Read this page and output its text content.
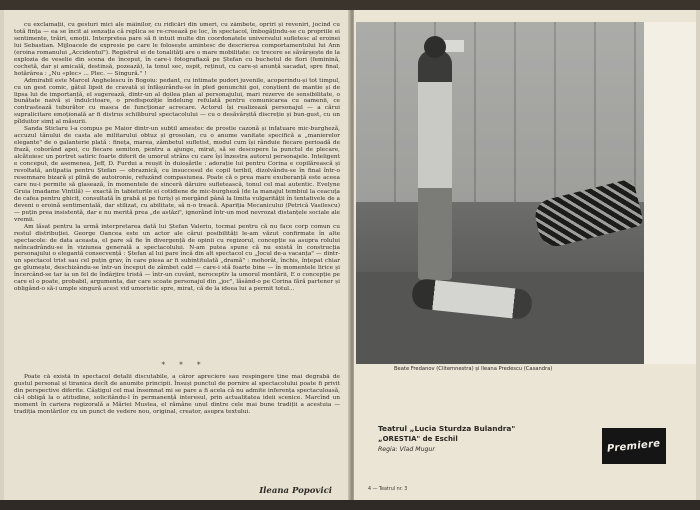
cu exclamații, cu gesturi mici ale mâinilor, cu ridicări din umeri, cu zâmbete, opriri și reveniri, jocind cu totă fința — ea se încit ai senzația că replica se re-creează pe loc, în spectacol, îmbogățindu-se cu propriile ei sentimente, trăiri, emoții. Interpretea pare să fi intuit multe din coordonatele universului sufletesc al eroinei lui Sebastian. Mijloacele de expresie pe care le folosește amintesc de descrierea comportamentului lui Ann (eroina romanului „Accidentul"). Registrul ei de tonalități are o mare mobilitate: ce trecere se săvârșește de la explozia de veselie din scena de început, în care-i fotografiază pe Ștefan cu buchetul de flori (feminină, cochetă, dar și amicală, destinsă, pozează), la tonul sec, ospit, reținut, cu care-și anunță sacadat, spre final, hotărârea : „Nu «plec» ... Plec. — Singură." !

Admirabil este Marcel Anghelescu în Bogoiu: pedant, cu intimate pudori juvenile, acoperindu-și tot timpul, cu un gest comic, gâtul lipsit de cravată și înfășurându-se în pled genunchii goi, conștient de mantie și de lipsa lui de importanță, el sugerează, dintr-un al doilea plan al personajului, mari rezerve de sensibilitate, o bunătate naivă și îndulcitoare, o predispoziție îndelung refulată pentru comunicarea cu oamenii, ce contrastează tuburător cu masca de funcționar acrecare. Actorul își realizează personajul — a cărui supralicitare emoțională ar fi distrus schiliburul spectacolului — cu o desăvârșită discreție și bun-gust, cu un pîlduitor simț al măsurii.

Sanda Sticlaru l-a compus pe Maior dintr-un subtil amestec de prostie cazonă și infatuare mic-burgheză, accuzul tânului de casta ale militarului obtuz și grosolan, cu o anume vanitate specifică a „manierelor elegante" de o galanterie plată : fineța, marea, zâmbetul sufletist, modul cum își rânduie fiecare perioadă de frază, coborând apoi, cu fiecare semiton, pentru a ajunge, mirat, să se descopere la punctul de plecare, alcătuiesc un portret satiric foarte diferit de umorul strâns cu care își înzestra autorul personajele. Inteligent e conceput, de asemenea, Jeff, D. Furdui a reușit în duioșările : adorație lui pentru Corina e copilărească și revoltată, antipatia pentru Ștefan — obraznică, cu insuccesul de copil teribil, dizolvându-se în final într-o resemnare bizară și plină de autoironie, refuzând compasiunea. Poate că o prea mare exuberanță este aceea care nu-i permite să glasează, în momentele de sinceră dăruire sufletească, tonul cel mai autentic. Evelyne Gruia (madame Vintilă) — exactă în tabieturile ei cotidiene de mic-burgheză (de la manajul tembiul la ceacuța de cafea pentru ghiciț, consultată în grabă și pe furiș) și mergând până la limita vulgarității în tentativele de a deveni o eroină sentimentală, dar stilizat, cu abilitate, să n-o treacă. Apariția Mecanicului (Petrică Vasilescu) — puțin prea insistentă, dar e nu merită prea „de astăzi", ignorând într-un mod nevrozat distanțele sociale ale vremii.

Am lăsat pentru la urmă interpretarea dată lui Ștefan Valeriu, tocmai pentru că nu face corp comun cu restul distribuției. George Oancea este un actor ale cărui posibilități le-am văzut confirmate în alte spectacole: de data aceasta, el pare să fie în divergență de opinii cu regizorul, concepție sa asupra rolului neîncadrându-se în viziunea generală a spectacolului. N-am putea spune că nu există în construcția personajului o elegantă consecvență : Ștefan al lui pare încă din alt spectacol cu „Jocul de-a vacanța" — dintr-un spectacol trist sau cel puțin grav, în care piesa ar fi subintitulată „dramă" : mohorât, închis, înțepat chiar ge glumește, deschizându-se într-un început de zâmbet cald — care-i stă foarte bine — în momentele lirice și încercând-se tar ia un fel de îndârjire tristă — într-un cuvânt, neroceptiv la umorul montării, E o concepție pe care el o poate, probabil, argumenta, dar care scoate personajul din „joc", lăsând-o pe Corina fără partener și obligând-o să-i umple singură acest vid umoristic spre, mirat, că de la ideea lui a permit totul...

* * *

Poate că există în spectacol detalii discutabile, a căror apreciere sau respingere ține mai degrabă de gustul personal și tiranica decît de anumite principii. Însuși punctul de pornire al spectacolului poate fi privit din perspective diferite. Câștigul cel mai însemnat mi se pare a fi acela că nu admite inferența spectaculoasă, că-l obligă la o atitudine, solicitându-l în permanență interesul, prin actualitatea ideii scenice. Marcînd un moment în cariera regizorală a Măriei Mustea, el rămâne unul dintre cele mai bune tradiții a acestuia — tradiția montărilor cu un punct de vedere nou, original, creator, asupra textului.

Ileana Popovici
Beate Fredanov (Clitemnestra) și Ileana Predescu (Casandra)
Teatrul „Lucia Sturdza Bulandra"
„ORESTIA" de Eschil
Regia: Vlad Mugur	Premiere
4 — Teatrul nr. 3
